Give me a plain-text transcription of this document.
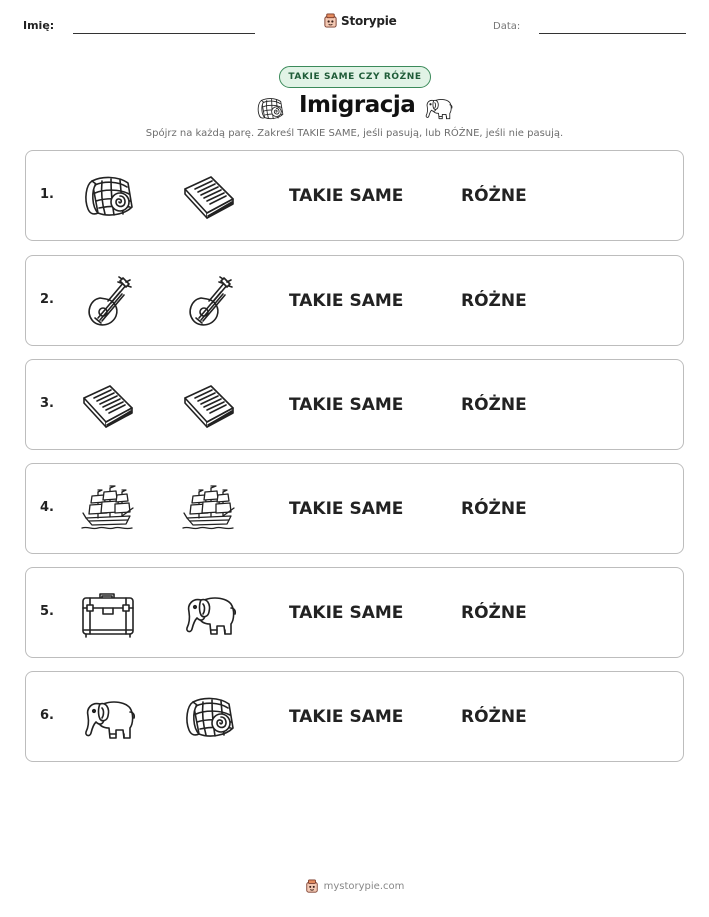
Imię:	Storypie	Data:
TAKIE SAME CZY RÓŻNE
Imigracja
Spójrz na każdą parę. Zakreśl TAKIE SAME, jeśli pasują, lub RÓŻNE, jeśli nie pasują.
1.	TAKIE SAME	RÓŻNE
2.	TAKIE SAME	RÓŻNE
3.	TAKIE SAME	RÓŻNE
4.	TAKIE SAME	RÓŻNE
5.	TAKIE SAME	RÓŻNE
6.	TAKIE SAME	RÓŻNE
mystorypie.com
